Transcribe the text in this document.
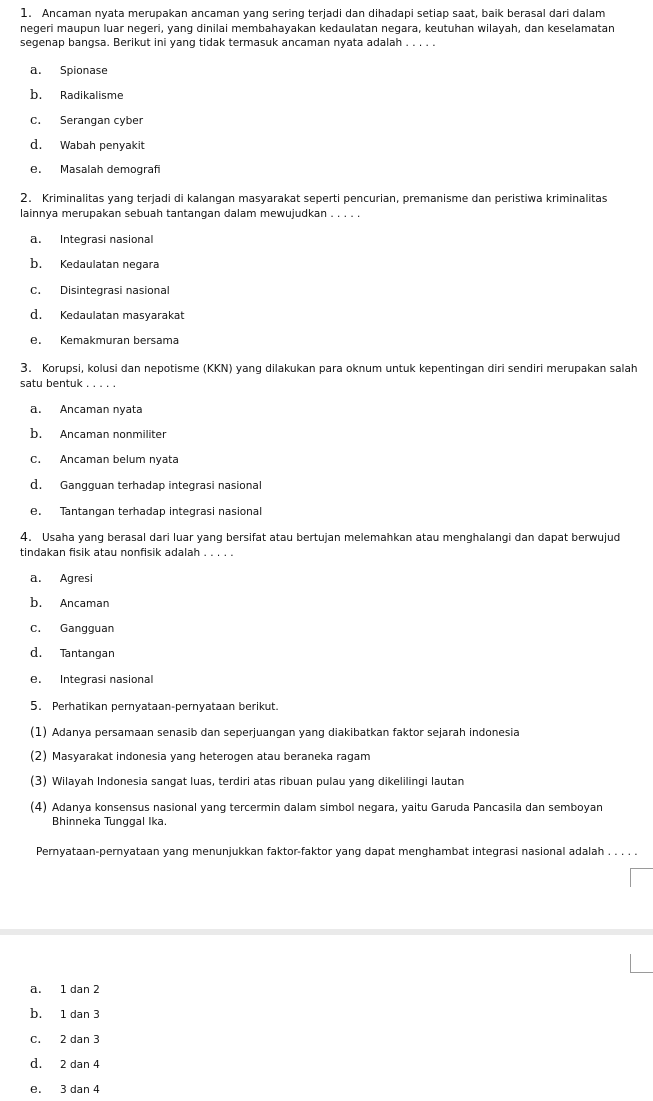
1. Ancaman nyata merupakan ancaman yang sering terjadi dan dihadapi setiap saat, baik berasal dari dalam negeri maupun luar negeri, yang dinilai membahayakan kedaulatan negara, keutuhan wilayah, dan keselamatan segenap bangsa. Berikut ini yang tidak termasuk ancaman nyata adalah . . . . .
a. Spionase
b. Radikalisme
c. Serangan cyber
d. Wabah penyakit
e. Masalah demografi
2. Kriminalitas yang terjadi di kalangan masyarakat seperti pencurian, premanisme dan peristiwa kriminalitas lainnya merupakan sebuah tantangan dalam mewujudkan . . . . .
a. Integrasi nasional
b. Kedaulatan negara
c. Disintegrasi nasional
d. Kedaulatan masyarakat
e. Kemakmuran bersama
3. Korupsi, kolusi dan nepotisme (KKN) yang dilakukan para oknum untuk kepentingan diri sendiri merupakan salah satu bentuk . . . . .
a. Ancaman nyata
b. Ancaman nonmiliter
c. Ancaman belum nyata
d. Gangguan terhadap integrasi nasional
e. Tantangan terhadap integrasi nasional
4. Usaha yang berasal dari luar yang bersifat atau bertujan melemahkan atau menghalangi dan dapat berwujud tindakan fisik atau nonfisik adalah . . . . .
a. Agresi
b. Ancaman
c. Gangguan
d. Tantangan
e. Integrasi nasional
5. Perhatikan pernyataan-pernyataan berikut.
(1) Adanya persamaan senasib dan seperjuangan yang diakibatkan faktor sejarah indonesia
(2) Masyarakat indonesia yang heterogen atau beraneka ragam
(3) Wilayah Indonesia sangat luas, terdiri atas ribuan pulau yang dikelilingi lautan
(4) Adanya konsensus nasional yang tercermin dalam simbol negara, yaitu Garuda Pancasila dan semboyan
Bhinneka Tunggal Ika.
Pernyataan-pernyataan yang menunjukkan faktor-faktor yang dapat menghambat integrasi nasional adalah . . . . .
a. 1 dan 2
b. 1 dan 3
c. 2 dan 3
d. 2 dan 4
e. 3 dan 4
